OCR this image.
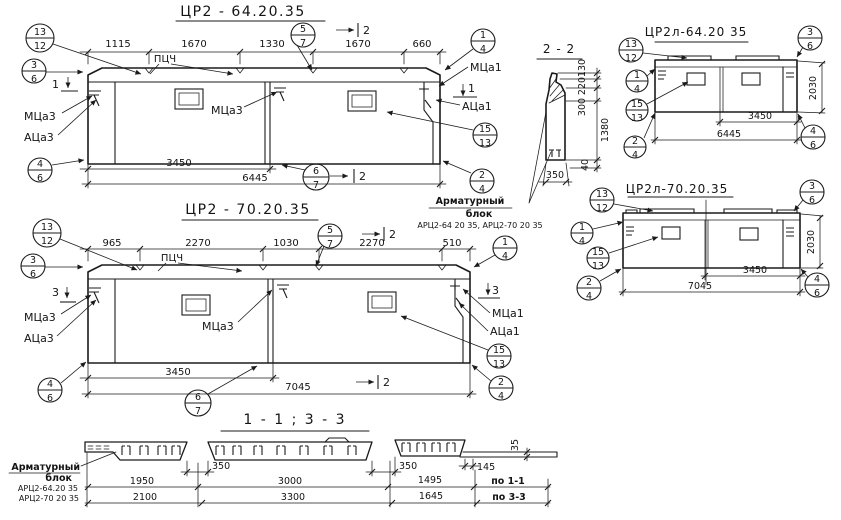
ЦР2 - 64.20.35
1115	1670	1330	1670	660
3450
6445
ПЦЧ
МЦа3
АЦа3
МЦа3
МЦа1
АЦа1
1	1
2
2
13
12
3
6
5
7
1
4
15
13
6
7
2
4
4
6
ЦР2 - 70.20.35
965	2270	1030	2270	510
3450
7045
ПЦЧ
МЦа3
АЦа3
МЦа3
МЦа1
АЦа1
3	3
2
2
13
12
3
6
5
7	1
4
15
13
6
7
2
4
4
6
2 - 2
130
220
300
1380
40
350
Арматурный
блок
АРЦ2-64 20 35, АРЦ2-70 20 35
ЦР2л-64.20 35
3450
6445
2030
13
12
1
4
15
13
2
4
3
6
4
6
ЦР2л-70.20.35
3450
7045
2030
13
12
1
4
15
13
2
4
3
6
4
6
1 - 1 ; 3 - 3
350	350	145
35
1950	3000	1495	по 1-1
2100	3300	1645	по 3-3
Арматурный
блок
АРЦ2-64.20 35
АРЦ2-70 20 35
